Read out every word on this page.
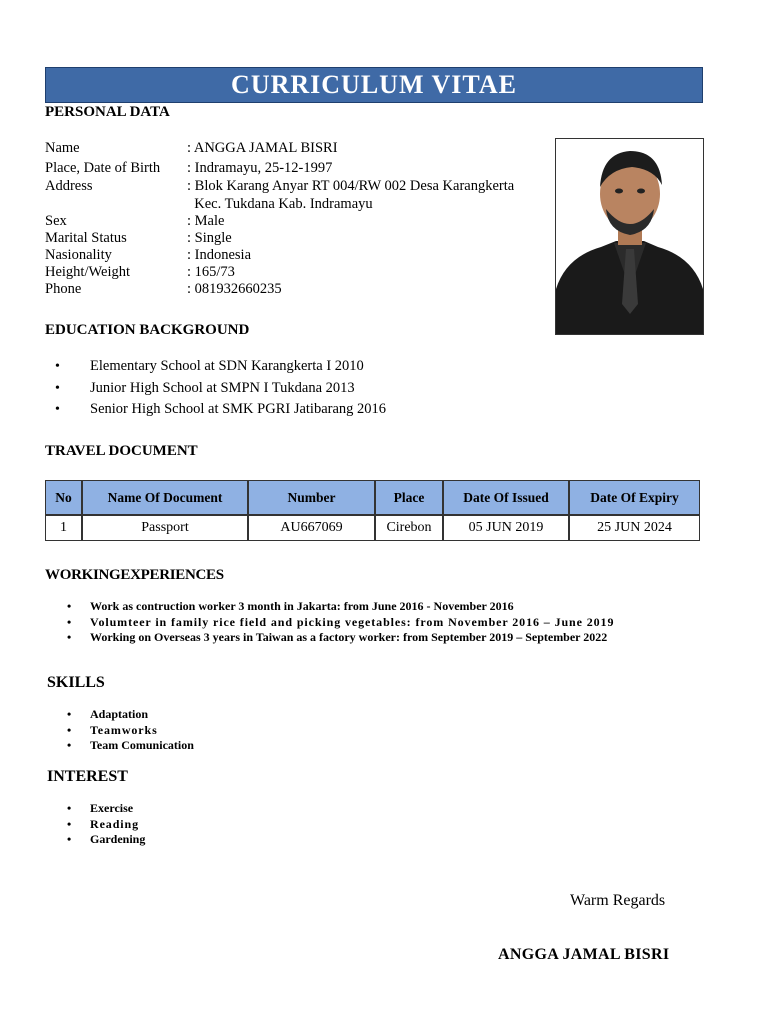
CURRICULUM VITAE
PERSONAL DATA
Name	: ANGGA JAMAL BISRI
Place, Date of Birth	: Indramayu, 25-12-1997
Address	: Blok Karang Anyar RT 004/RW 002 Desa Karangkerta
Kec. Tukdana Kab. Indramayu
Sex	: Male
Marital Status	: Single
Nasionality	: Indonesia
Height/Weight	: 165/73
Phone	: 081932660235
EDUCATION BACKGROUND
• Elementary School at SDN Karangkerta I 2010
• Junior High School at SMPN I Tukdana 2013
• Senior High School at SMK PGRI Jatibarang 2016
TRAVEL DOCUMENT
No	Name Of Document	Number	Place	Date Of Issued	Date Of Expiry
1	Passport	AU667069	Cirebon	05 JUN 2019	25 JUN 2024
WORKINGEXPERIENCES
• Work as contruction worker 3 month in Jakarta: from June 2016 - November 2016
• Volumteer in family rice field and picking vegetables: from November 2016 – June 2019
• Working on Overseas 3 years in Taiwan as a factory worker: from September 2019 – September 2022
SKILLS
• Adaptation
• Teamworks
• Team Comunication
INTEREST
• Exercise
• Reading
• Gardening
Warm Regards
ANGGA JAMAL BISRI
